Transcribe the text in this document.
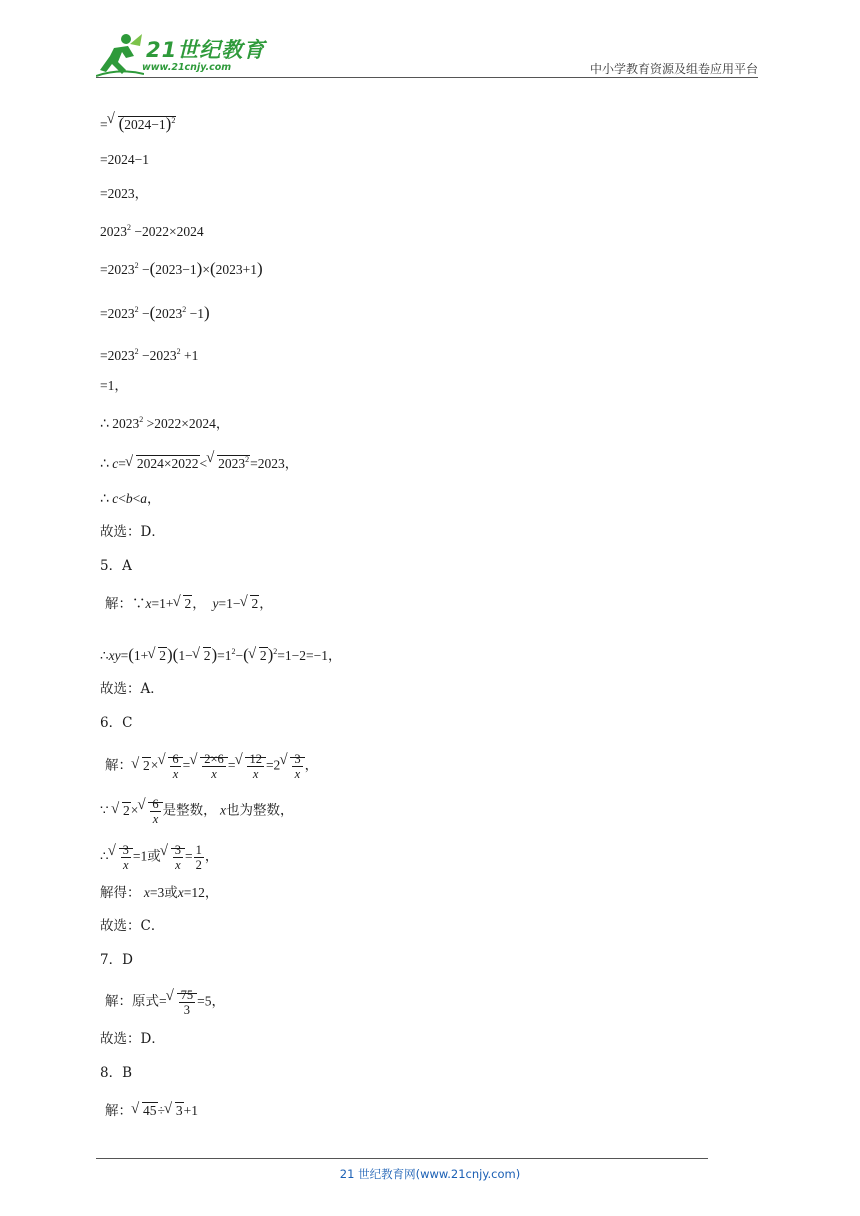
21世纪教育
www.21cnjy.com	中小学教育资源及组卷应用平台
=√ $(2024-1)^2$
=2024−1
=2023，
$2023^2 -2022\times 2024$
$=2023^2 -(2023-1)\times(2023+1)$
$=2023^2 -(2023^2 -1)$
$=2023^2 -2023^2 +1$
=1，
∴ $2023^2 >2022\times 2024$，
∴ c=√ 2024×2022<√ $2023^2=2023$，
∴ c<b<a，
故选：D．
5．A
解：∵x=1+√ 2，  y=1−√ 2，
∴xy=(1+√ 2)(1−√ $2)=1^2-(√$ 2)$^2$=1−2=−1，
故选：A．
6．C
解：√ 2×
√ $\frac{6}{x}$ =
√ $\frac{2\times 6}{x}$ =
√ $\frac{12}{x} =2$
√ $\frac{3}{x}$ ，
∵ √ 2×
√ $\frac{6}{x}$ 是整数， x也为整数，
∴
√ $\frac{3}{x} =1$或
√ $\frac{3}{x} = \frac{1}{2}$ ，
解得： x=3或x=12，
故选：C．
7．D
解：原式=
√ $\frac{75}{3} =5$，
故选：D．
8．B
解：√ 45÷√ 3+1
21 世纪教育网(www.21cnjy.com)
